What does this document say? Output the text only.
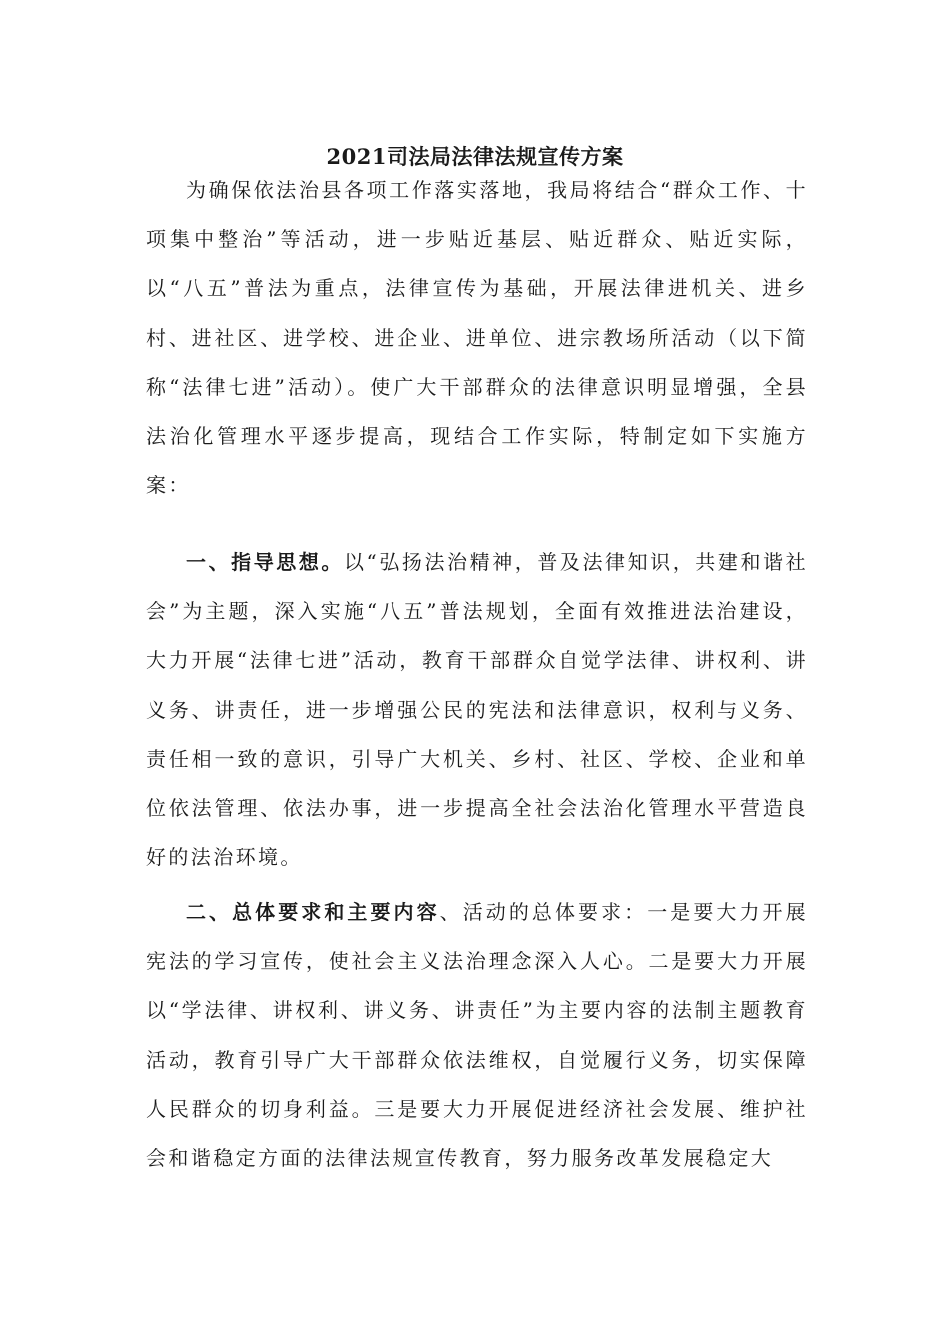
2021司法局法律法规宣传方案

为确保依法治县各项工作落实落地，我局将结合“群众工作、十项集中整治”等活动，进一步贴近基层、贴近群众、贴近实际，以“八五”普法为重点，法律宣传为基础，开展法律进机关、进乡村、进社区、进学校、进企业、进单位、进宗教场所活动（以下简称“法律七进”活动）。使广大干部群众的法律意识明显增强，全县法治化管理水平逐步提高，现结合工作实际，特制定如下实施方案：

一、指导思想。以“弘扬法治精神，普及法律知识，共建和谐社会”为主题，深入实施“八五”普法规划，全面有效推进法治建设，大力开展“法律七进”活动，教育干部群众自觉学法律、讲权利、讲义务、讲责任，进一步增强公民的宪法和法律意识，权利与义务、责任相一致的意识，引导广大机关、乡村、社区、学校、企业和单位依法管理、依法办事，进一步提高全社会法治化管理水平营造良好的法治环境。

二、总体要求和主要内容、活动的总体要求：一是要大力开展宪法的学习宣传，使社会主义法治理念深入人心。二是要大力开展以“学法律、讲权利、讲义务、讲责任”为主要内容的法制主题教育活动，教育引导广大干部群众依法维权，自觉履行义务，切实保障人民群众的切身利益。三是要大力开展促进经济社会发展、维护社会和谐稳定方面的法律法规宣传教育，努力服务改革发展稳定大
